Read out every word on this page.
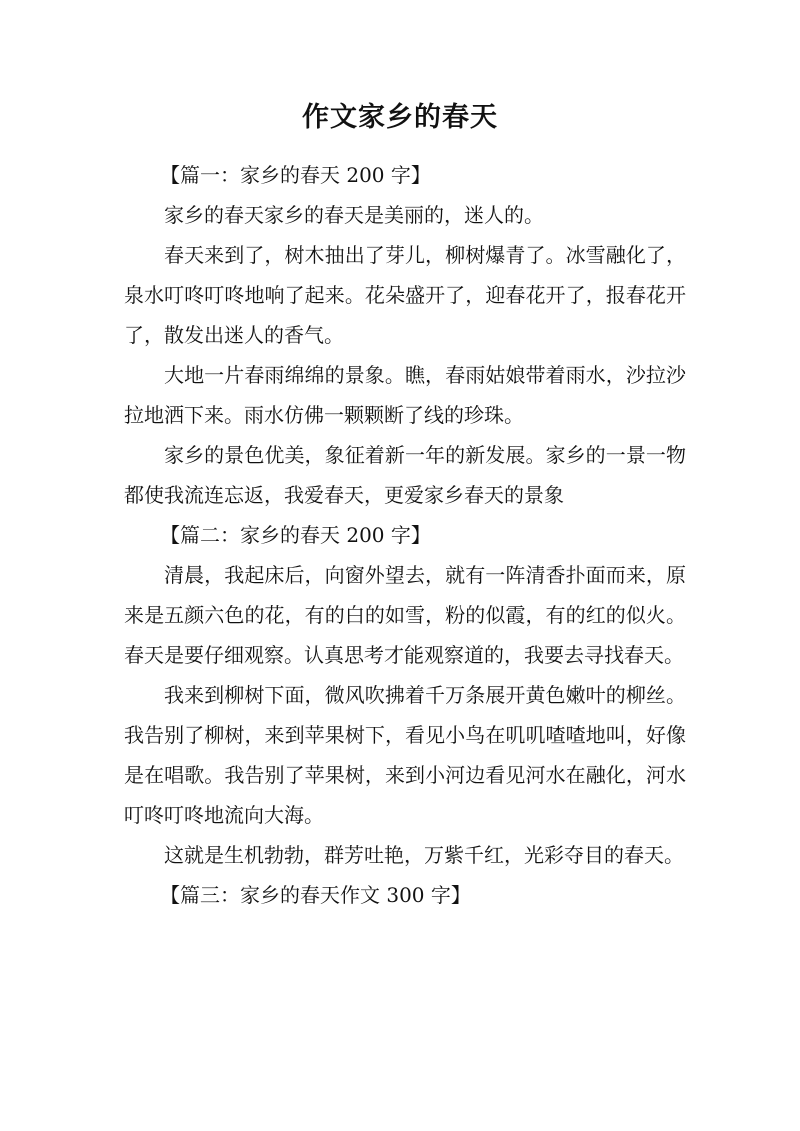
作文家乡的春天

【篇一：家乡的春天 200 字】

家乡的春天家乡的春天是美丽的，迷人的。

春天来到了，树木抽出了芽儿，柳树爆青了。冰雪融化了，泉水叮咚叮咚地响了起来。花朵盛开了，迎春花开了，报春花开了，散发出迷人的香气。

大地一片春雨绵绵的景象。瞧，春雨姑娘带着雨水，沙拉沙拉地洒下来。雨水仿佛一颗颗断了线的珍珠。

家乡的景色优美，象征着新一年的新发展。家乡的一景一物都使我流连忘返，我爱春天，更爱家乡春天的景象

【篇二：家乡的春天 200 字】

清晨，我起床后，向窗外望去，就有一阵清香扑面而来，原来是五颜六色的花，有的白的如雪，粉的似霞，有的红的似火。春天是要仔细观察。认真思考才能观察道的，我要去寻找春天。

我来到柳树下面，微风吹拂着千万条展开黄色嫩叶的柳丝。我告别了柳树，来到苹果树下，看见小鸟在叽叽喳喳地叫，好像是在唱歌。我告别了苹果树，来到小河边看见河水在融化，河水叮咚叮咚地流向大海。

这就是生机勃勃，群芳吐艳，万紫千红，光彩夺目的春天。

【篇三：家乡的春天作文 300 字】
